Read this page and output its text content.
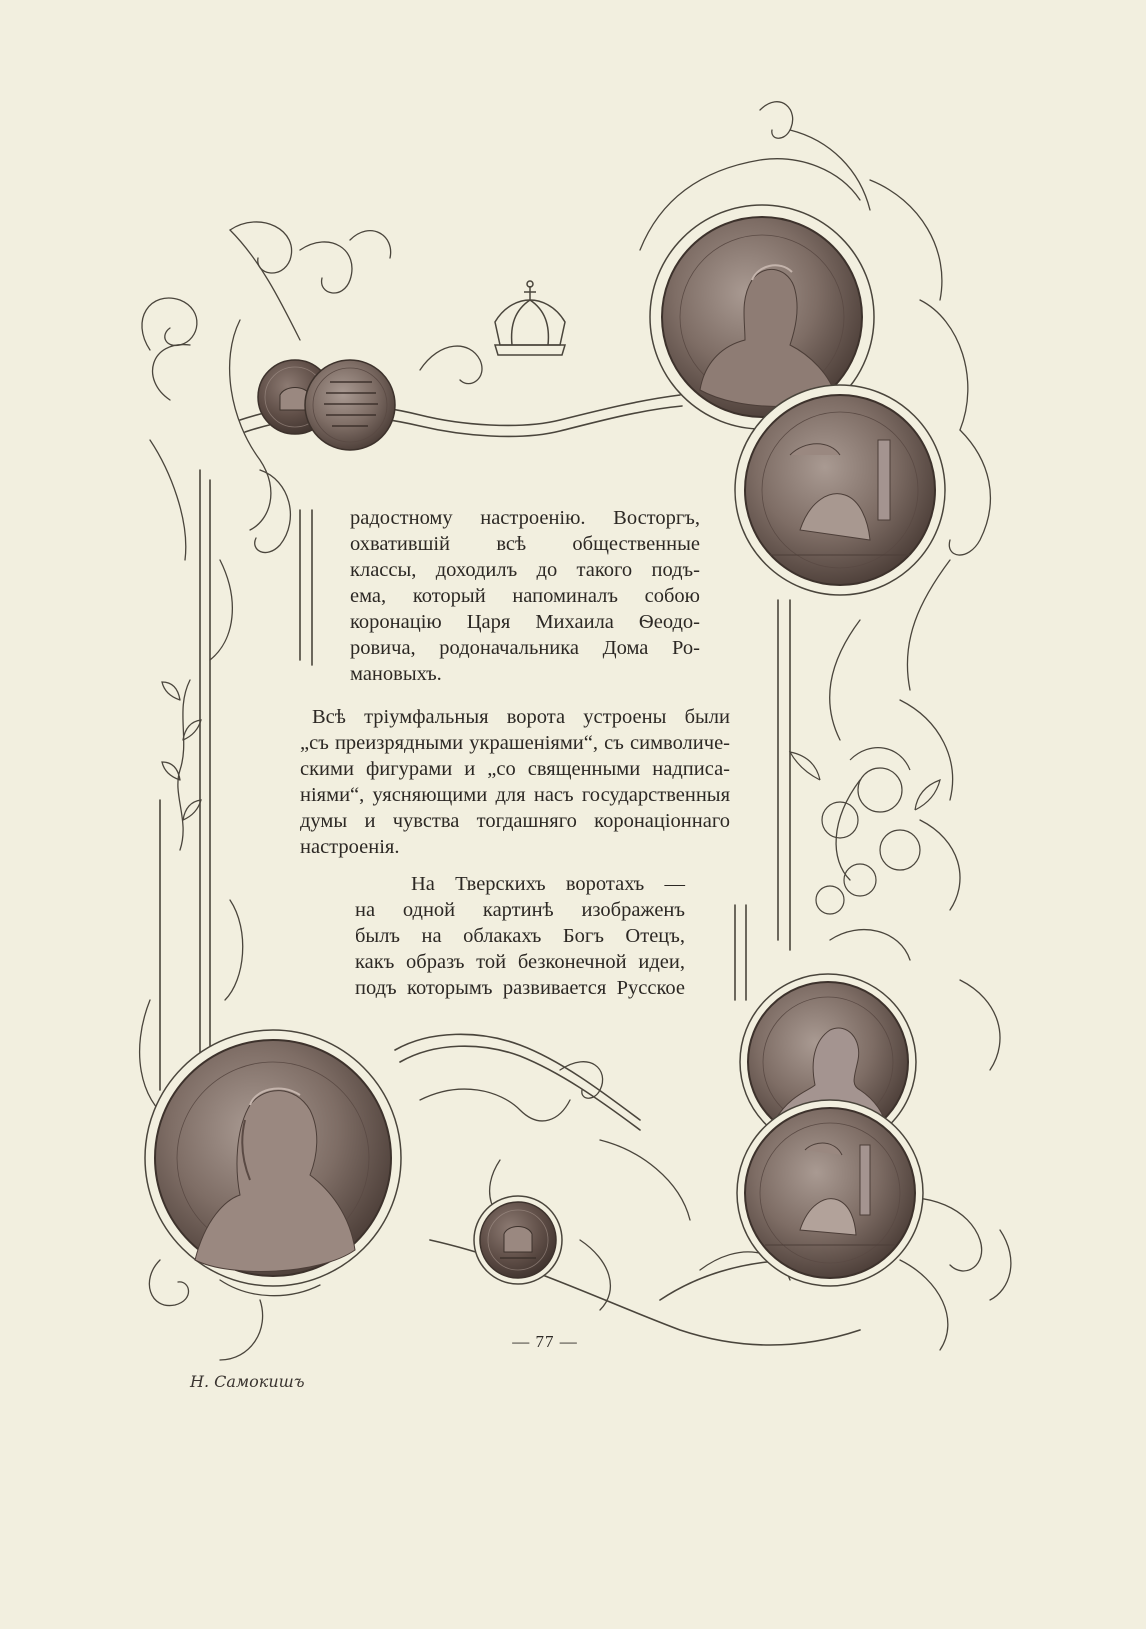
радостному настроенію. Восторгъ,
охватившій всѣ общественные
классы, доходилъ до такого подъ-
ема, который напоминалъ собою
коронацію Царя Михаила Ѳеодо-
ровича, родоначальника Дома Ро-
мановыхъ.
Всѣ тріумфальныя ворота устроены были
„съ преизрядными украшеніями“, съ символиче-
скими фигурами и „со священными надписа-
ніями“, уясняющими для насъ государственныя
думы и чувства тогдашняго коронаціоннаго
настроенія.
На Тверскихъ воротахъ —
на одной картинѣ изображенъ
былъ на облакахъ Богъ Отецъ,
какъ образъ той безконечной идеи,
подъ которымъ развивается Русское
— 77 —
Н. Самокишъ
